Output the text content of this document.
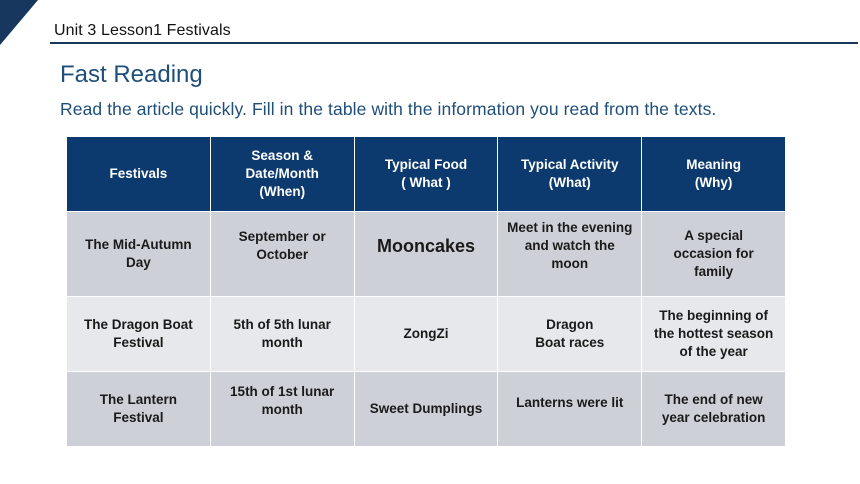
Unit 3 Lesson1 Festivals
Fast Reading
Read the article quickly. Fill in the table with the information you read from the texts.
Festivals	Season &
Date/Month
(When)	Typical Food
( What )	Typical Activity
(What)	Meaning
(Why)

The Mid-Autumn
Day	September or
October	Mooncakes	Meet in the evening
and watch the
moon	A special
occasion for
family

The Dragon Boat
Festival	5th of 5th lunar
month	ZongZi	Dragon
Boat races	The beginning of
the hottest season
of the year

The Lantern Festival	15th of 1st lunar
month	Sweet Dumplings	Lanterns were lit	The end of new
year celebration
